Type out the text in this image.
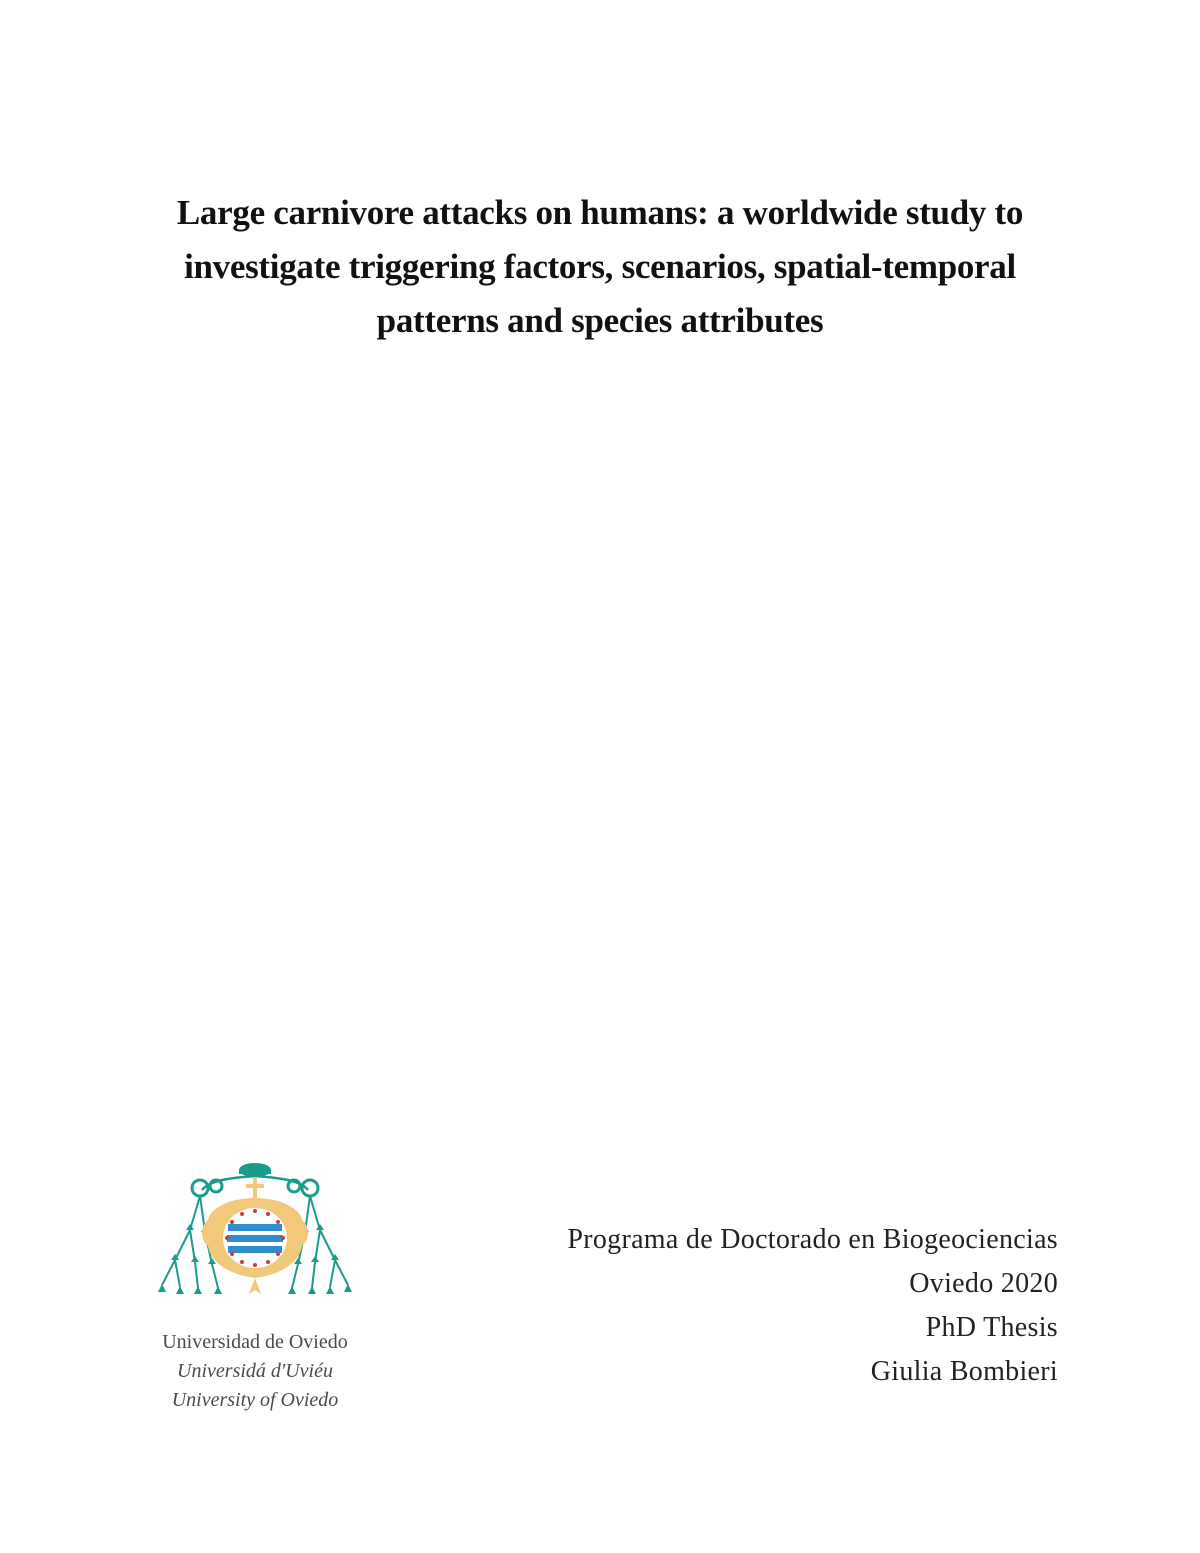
Large carnivore attacks on humans: a worldwide study to
investigate triggering factors, scenarios, spatial-temporal
patterns and species attributes
Universidad de Oviedo
Universidá d'Uviéu
University of Oviedo
Programa de Doctorado en Biogeociencias
Oviedo 2020
PhD Thesis
Giulia Bombieri
